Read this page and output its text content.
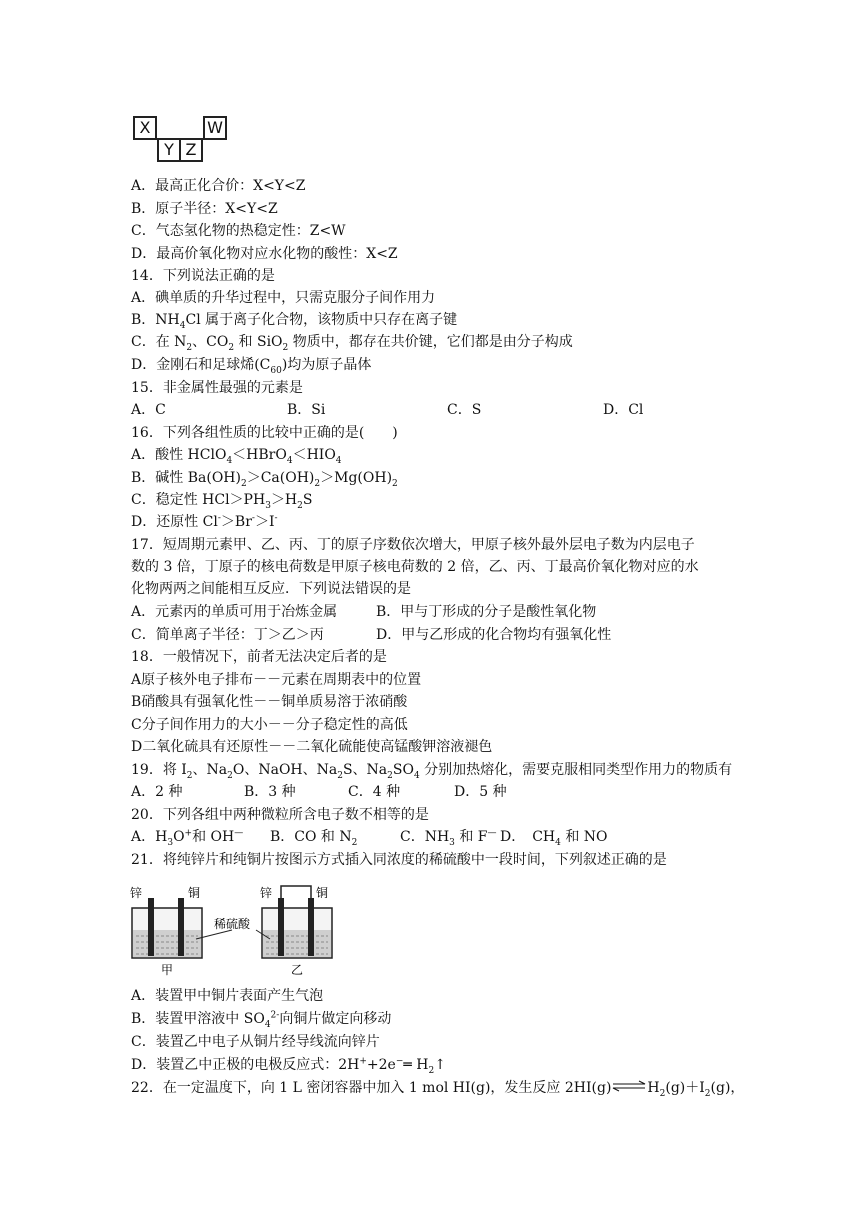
X	W
Y Z
A．最高正化合价：X<Y<Z
B．原子半径：X<Y<Z
C．气态氢化物的热稳定性：Z<W
D．最高价氧化物对应水化物的酸性：X<Z
14．下列说法正确的是
A．碘单质的升华过程中，只需克服分子间作用力
B．$NH_4Cl$ 属于离子化合物，该物质中只存在离子键
C．在 $N_2$、$CO_2$ 和 SiO$_2$ 物质中，都存在共价键，它们都是由分子构成
D．金刚石和足球烯$(C_{60})$均为原子晶体
15．非金属性最强的元素是
A．C	B．Si	C．S	D．Cl
16．下列各组性质的比较中正确的是(　　)
A．酸性 $HClO_4<HBrO_4<HIO_4$
B．碱性 $Ba(OH)_2>Ca(OH)_2>Mg(OH)_2$
C．稳定性 $HCl>PH_3>H_2S$
D．还原性 Cl-＞Br-＞I-
17．短周期元素甲、乙、丙、丁的原子序数依次增大，甲原子核外最外层电子数为内层电子
数的 3 倍，丁原子的核电荷数是甲原子核电荷数的 2 倍，乙、丙、丁最高价氧化物对应的水
化物两两之间能相互反应．下列说法错误的是
A．元素丙的单质可用于冶炼金属	B．甲与丁形成的分子是酸性氧化物
C．简单离子半径：丁＞乙＞丙	D．甲与乙形成的化合物均有强氧化性
18．一般情况下，前者无法决定后者的是
A原子核外电子排布－－元素在周期表中的位置
B硝酸具有强氧化性－－铜单质易溶于浓硝酸
C分子间作用力的大小－－分子稳定性的高低
D二氧化硫具有还原性－－二氧化硫能使高锰酸钾溶液褪色
19．将 $I_2$、$Na_2O$、NaOH、$Na_2S$、$Na_2SO_4$ 分别加热熔化，需要克服相同类型作用力的物质有
A．2 种	B．3 种	C．4 种	D．5 种
20．下列各组中两种微粒所含电子数不相等的是
A．$H_3O^+$和 OH— B．CO 和 $N_2$	C．$NH_3$ 和 F— D．　$CH_4$ 和 NO
21．将纯锌片和纯铜片按图示方式插入同浓度的稀硫酸中一段时间，下列叙述正确的是
锌	铜	锌	铜
稀硫酸
甲	乙
A．装置甲中铜片表面产生气泡
B．装置甲溶液中 $SO_4^{2-}$向铜片做定向移动
C．装置乙中电子从铜片经导线流向锌片
D．装置乙中正极的电极反应式：2H++2e−═ $H_2↑$
22．在一定温度下，向 1 L 密闭容器中加入 1 mol HI(g)，发生反应 2HI(g)	$H_2(g)+I_2(g)$，
